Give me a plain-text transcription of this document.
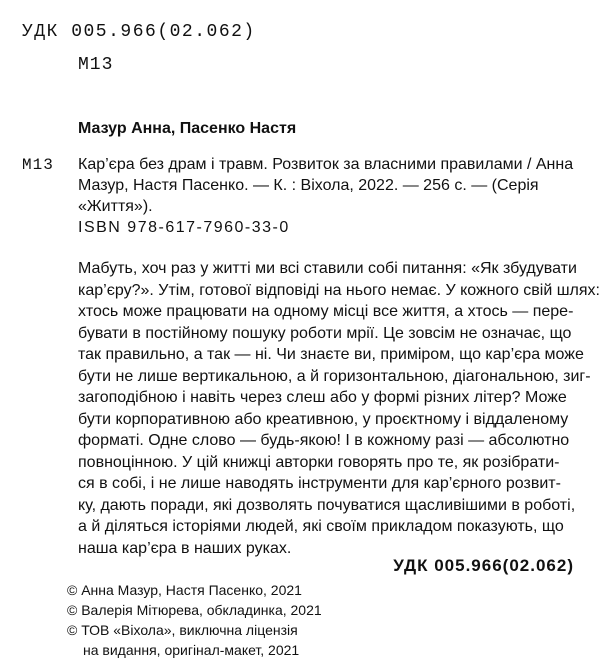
УДК 005.966(02.062)
М13
Мазур Анна, Пасенко Настя
М13 Кар’єра без драм і травм. Розвиток за власними правилами / Анна Мазур, Настя Пасенко. — К. : Віхола, 2022. — 256 с. — (Серія «Життя»).
ISBN 978-617-7960-33-0
Мабуть, хоч раз у житті ми всі ставили собі питання: «Як збудувати
кар’єру?». Утім, готової відповіді на нього немає. У кожного свій шлях:
хтось може працювати на одному місці все життя, а хтось — пере-
бувати в постійному пошуку роботи мрії. Це зовсім не означає, що
так правильно, а так — ні. Чи знаєте ви, приміром, що кар’єра може
бути не лише вертикальною, а й горизонтальною, діагональною, зиг-
загоподібною і навіть через слеш або у формі різних літер? Може
бути корпоративною або креативною, у проєктному і віддаленому
форматі. Одне слово — будь-якою! І в кожному разі — абсолютно
повноцінною. У цій книжці авторки говорять про те, як розібрати-
ся в собі, і не лише наводять інструменти для кар’єрного розвит-
ку, дають поради, які дозволять почуватися щасливішими в роботі,
а й діляться історіями людей, які своїм прикладом показують, що
наша кар’єра в наших руках.
УДК 005.966(02.062)
© Анна Мазур, Настя Пасенко, 2021
© Валерія Мітюрева, обкладинка, 2021
© ТОВ «Віхола», виключна ліцензія
на видання, оригінал-макет, 2021
